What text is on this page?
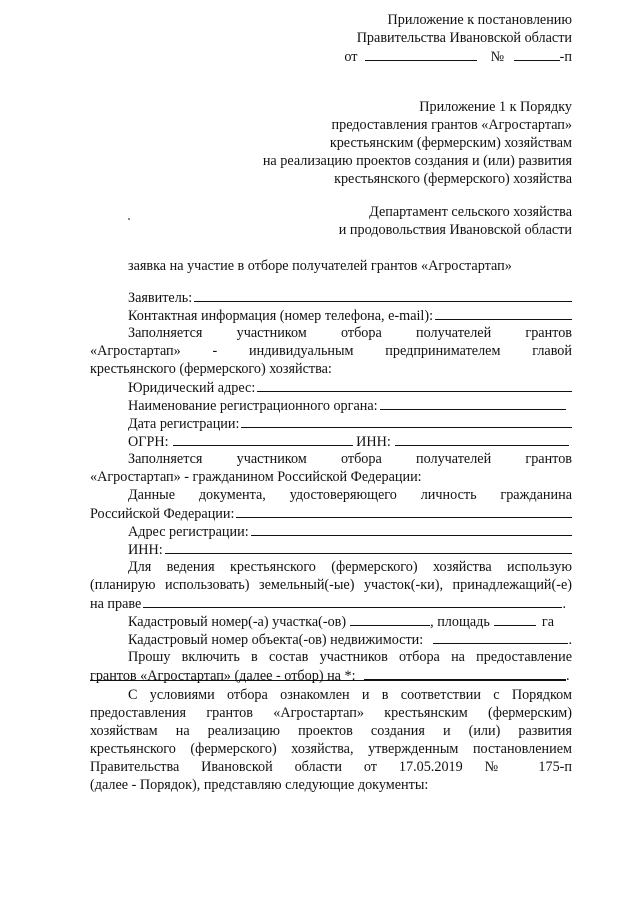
Приложение к постановлению
Правительства Ивановской области
от	№	-п
Приложение 1 к Порядку
предоставления грантов «Агростартап»
крестьянским (фермерским) хозяйствам
на реализацию проектов создания и (или) развития
крестьянского (фермерского) хозяйства
Департамент сельского хозяйства
и продовольствия Ивановской области
заявка на участие в отборе получателей грантов «Агростартап»
Заявитель:
Контактная информация (номер телефона, e-mail):
Заполняется участником отбора получателей грантов
«Агростартап» - индивидуальным предпринимателем главой
крестьянского (фермерского) хозяйства:
Юридический адрес:
Наименование регистрационного органа:
Дата регистрации:
ОГРН:	ИНН:
Заполняется участником отбора получателей грантов
«Агростартап» - гражданином Российской Федерации:
Данные документа, удостоверяющего личность гражданина
Российской Федерации:
Адрес регистрации:
ИНН:
Для ведения крестьянского (фермерского) хозяйства использую
(планирую использовать) земельный(-ые) участок(-ки), принадлежащий(-е)
на праве	.
Кадастровый номер(-а) участка(-ов)	, площадь	га
Кадастровый номер объекта(-ов) недвижимости:	.
Прошу включить в состав участников отбора на предоставление
грантов «Агростартап» (далее - отбор) на *:	.
С условиями отбора ознакомлен и в соответствии с Порядком
предоставления грантов «Агростартап» крестьянским (фермерским)
хозяйствам на реализацию проектов создания и (или) развития
крестьянского (фермерского) хозяйства, утвержденным постановлением
Правительства Ивановской области от 17.05.2019 № 175-п
(далее - Порядок), представляю следующие документы:
